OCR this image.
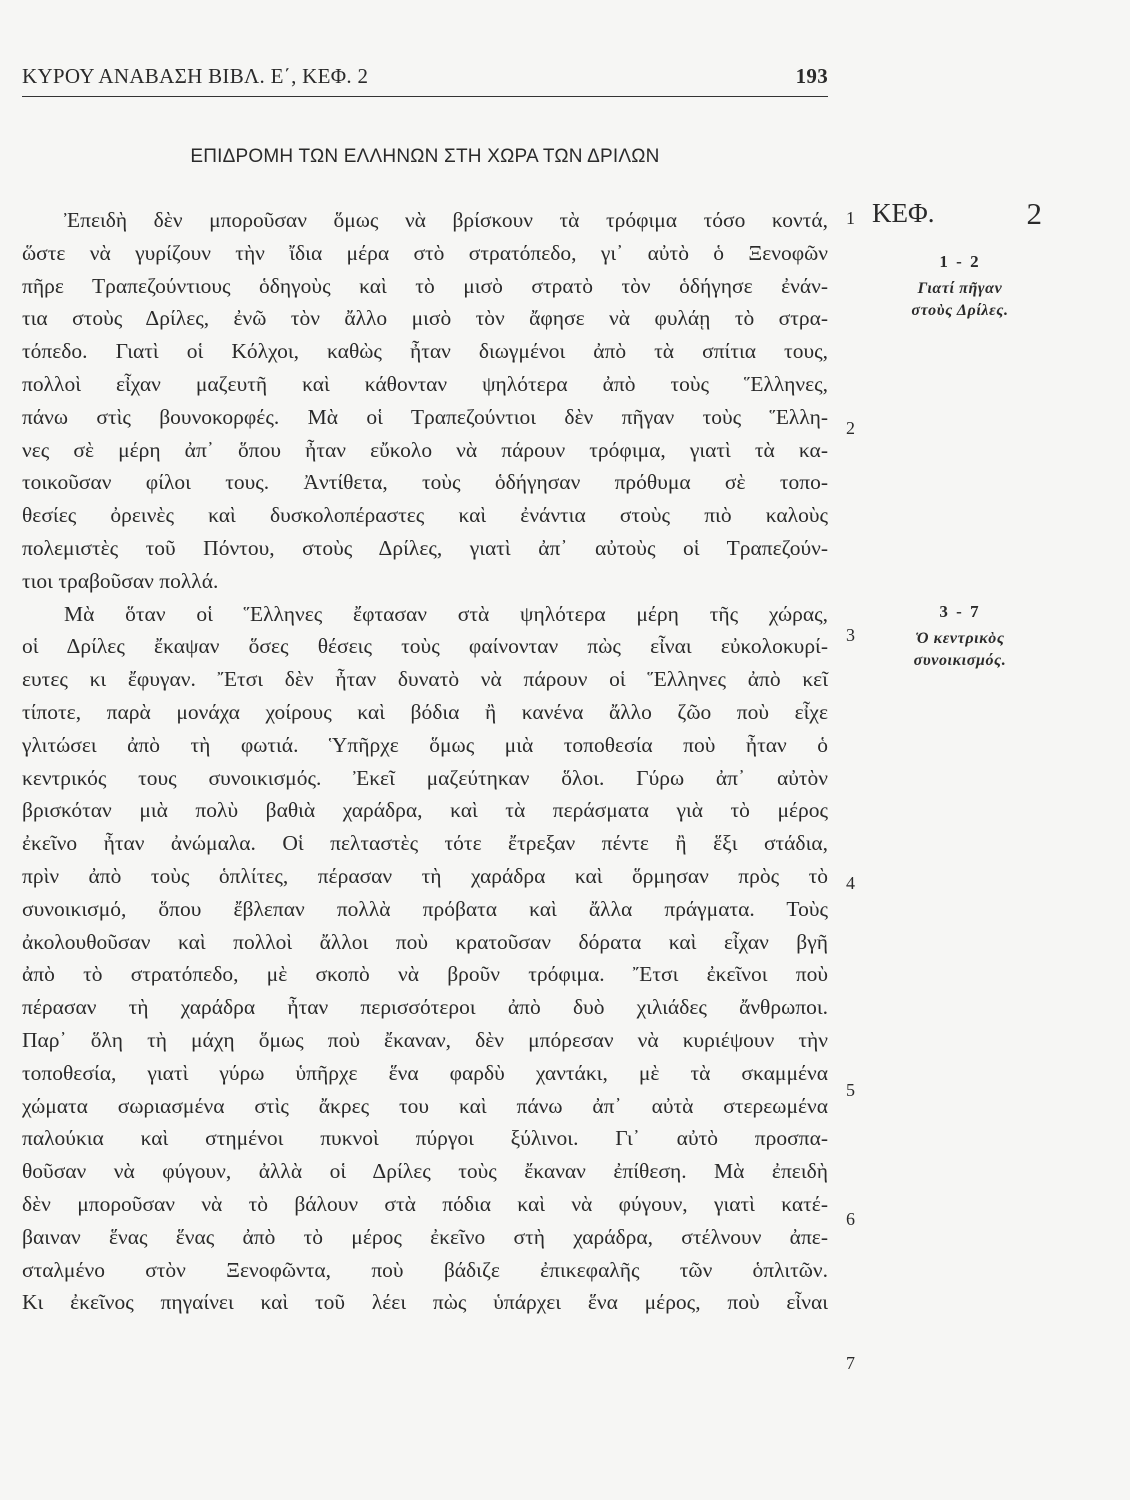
ΚΥΡΟΥ ΑΝΑΒΑΣΗ ΒΙΒΛ. Ε΄, ΚΕΦ. 2	193
ΕΠΙΔΡΟΜΗ ΤΩΝ ΕΛΛΗΝΩΝ ΣΤΗ ΧΩΡΑ ΤΩΝ ΔΡΙΛΩΝ
Ἐπειδὴ δὲν μποροῦσαν ὅμως νὰ βρίσκουν τὰ τρόφιμα τόσο κοντά,
ὥστε νὰ γυρίζουν τὴν ἴδια μέρα στὸ στρατόπεδο, γι᾽ αὐτὸ ὁ Ξενοφῶν
πῆρε Τραπεζούντιους ὁδηγοὺς καὶ τὸ μισὸ στρατὸ τὸν ὁδήγησε ἐνάν-
τια στοὺς Δρίλες, ἐνῶ τὸν ἄλλο μισὸ τὸν ἄφησε νὰ φυλάῃ τὸ στρα-
τόπεδο. Γιατὶ οἱ Κόλχοι, καθὼς ἦταν διωγμένοι ἀπὸ τὰ σπίτια τους,
πολλοὶ εἶχαν μαζευτῆ καὶ κάθονταν ψηλότερα ἀπὸ τοὺς Ἕλληνες,
πάνω στὶς βουνοκορφές. Μὰ οἱ Τραπεζούντιοι δὲν πῆγαν τοὺς Ἕλλη-
νες σὲ μέρη ἀπ᾽ ὅπου ἦταν εὔκολο νὰ πάρουν τρόφιμα, γιατὶ τὰ κα-
τοικοῦσαν φίλοι τους. Ἀντίθετα, τοὺς ὁδήγησαν πρόθυμα σὲ τοπο-
θεσίες ὀρεινὲς καὶ δυσκολοπέραστες καὶ ἐνάντια στοὺς πιὸ καλοὺς
πολεμιστὲς τοῦ Πόντου, στοὺς Δρίλες, γιατὶ ἀπ᾽ αὐτοὺς οἱ Τραπεζούν-
τιοι τραβοῦσαν πολλά.
Μὰ ὅταν οἱ Ἕλληνες ἔφτασαν στὰ ψηλότερα μέρη τῆς χώρας,
οἱ Δρίλες ἔκαψαν ὅσες θέσεις τοὺς φαίνονταν πὼς εἶναι εὐκολοκυρί-
ευτες κι ἔφυγαν. Ἔτσι δὲν ἦταν δυνατὸ νὰ πάρουν οἱ Ἕλληνες ἀπὸ κεῖ
τίποτε, παρὰ μονάχα χοίρους καὶ βόδια ἢ κανένα ἄλλο ζῶο ποὺ εἶχε
γλιτώσει ἀπὸ τὴ φωτιά. Ὑπῆρχε ὅμως μιὰ τοποθεσία ποὺ ἦταν ὁ
κεντρικός τους συνοικισμός. Ἐκεῖ μαζεύτηκαν ὅλοι. Γύρω ἀπ᾽ αὐτὸν
βρισκόταν μιὰ πολὺ βαθιὰ χαράδρα, καὶ τὰ περάσματα γιὰ τὸ μέρος
ἐκεῖνο ἦταν ἀνώμαλα. Οἱ πελταστὲς τότε ἔτρεξαν πέντε ἢ ἕξι στάδια,
πρὶν ἀπὸ τοὺς ὁπλίτες, πέρασαν τὴ χαράδρα καὶ ὅρμησαν πρὸς τὸ
συνοικισμό, ὅπου ἔβλεπαν πολλὰ πρόβατα καὶ ἄλλα πράγματα. Τοὺς
ἀκολουθοῦσαν καὶ πολλοὶ ἄλλοι ποὺ κρατοῦσαν δόρατα καὶ εἶχαν βγῆ
ἀπὸ τὸ στρατόπεδο, μὲ σκοπὸ νὰ βροῦν τρόφιμα. Ἔτσι ἐκεῖνοι ποὺ
πέρασαν τὴ χαράδρα ἦταν περισσότεροι ἀπὸ δυὸ χιλιάδες ἄνθρωποι.
Παρ᾽ ὅλη τὴ μάχη ὅμως ποὺ ἔκαναν, δὲν μπόρεσαν νὰ κυριέψουν τὴν
τοποθεσία, γιατὶ γύρω ὑπῆρχε ἕνα φαρδὺ χαντάκι, μὲ τὰ σκαμμένα
χώματα σωριασμένα στὶς ἄκρες του καὶ πάνω ἀπ᾽ αὐτὰ στερεωμένα
παλούκια καὶ στημένοι πυκνοὶ πύργοι ξύλινοι. Γι᾽ αὐτὸ προσπα-
θοῦσαν νὰ φύγουν, ἀλλὰ οἱ Δρίλες τοὺς ἔκαναν ἐπίθεση. Μὰ ἐπειδὴ
δὲν μποροῦσαν νὰ τὸ βάλουν στὰ πόδια καὶ νὰ φύγουν, γιατὶ κατέ-
βαιναν ἕνας ἕνας ἀπὸ τὸ μέρος ἐκεῖνο στὴ χαράδρα, στέλνουν ἀπε-
σταλμένο στὸν Ξενοφῶντα, ποὺ βάδιζε ἐπικεφαλῆς τῶν ὁπλιτῶν.
Κι ἐκεῖνος πηγαίνει καὶ τοῦ λέει πὼς ὑπάρχει ἕνα μέρος, ποὺ εἶναι
1
2
3
4
5
6
7
ΚΕΦ.	2
1 - 2
Γιατί πῆγαν
στοὺς Δρίλες.
3 - 7
Ὁ κεντρικὸς
συνοικισμός.
